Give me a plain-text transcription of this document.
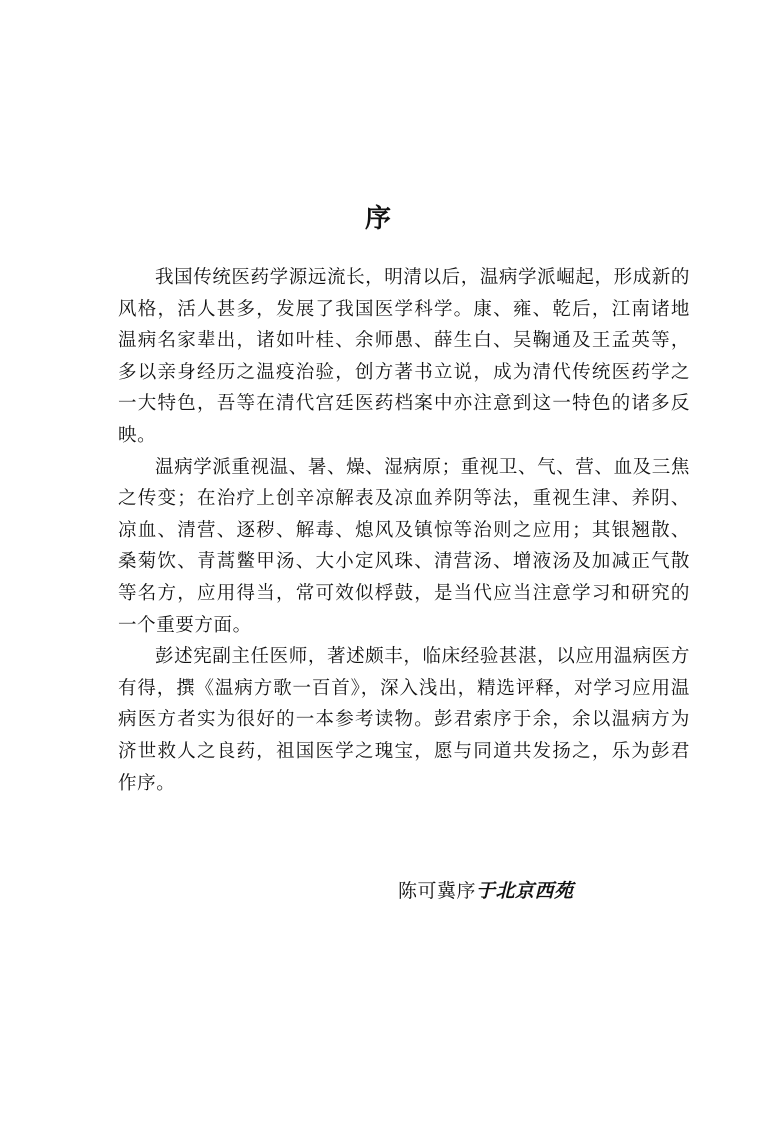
序

我国传统医药学源远流长，明清以后，温病学派崛起，形成新的风格，活人甚多，发展了我国医学科学。康、雍、乾后，江南诸地温病名家辈出，诸如叶桂、余师愚、薛生白、吴鞠通及王孟英等，多以亲身经历之温疫治验，创方著书立说，成为清代传统医药学之一大特色，吾等在清代宫廷医药档案中亦注意到这一特色的诸多反映。

温病学派重视温、暑、燥、湿病原；重视卫、气、营、血及三焦之传变；在治疗上创辛凉解表及凉血养阴等法，重视生津、养阴、凉血、清营、逐秽、解毒、熄风及镇惊等治则之应用；其银翘散、桑菊饮、青蒿鳖甲汤、大小定风珠、清营汤、增液汤及加减正气散等名方，应用得当，常可效似桴鼓，是当代应当注意学习和研究的一个重要方面。

彭述宪副主任医师，著述颇丰，临床经验甚湛，以应用温病医方有得，撰《温病方歌一百首》，深入浅出，精选评释，对学习应用温病医方者实为很好的一本参考读物。彭君索序于余，余以温病方为济世救人之良药，祖国医学之瑰宝，愿与同道共发扬之，乐为彭君作序。

陈可冀序于北京西苑
